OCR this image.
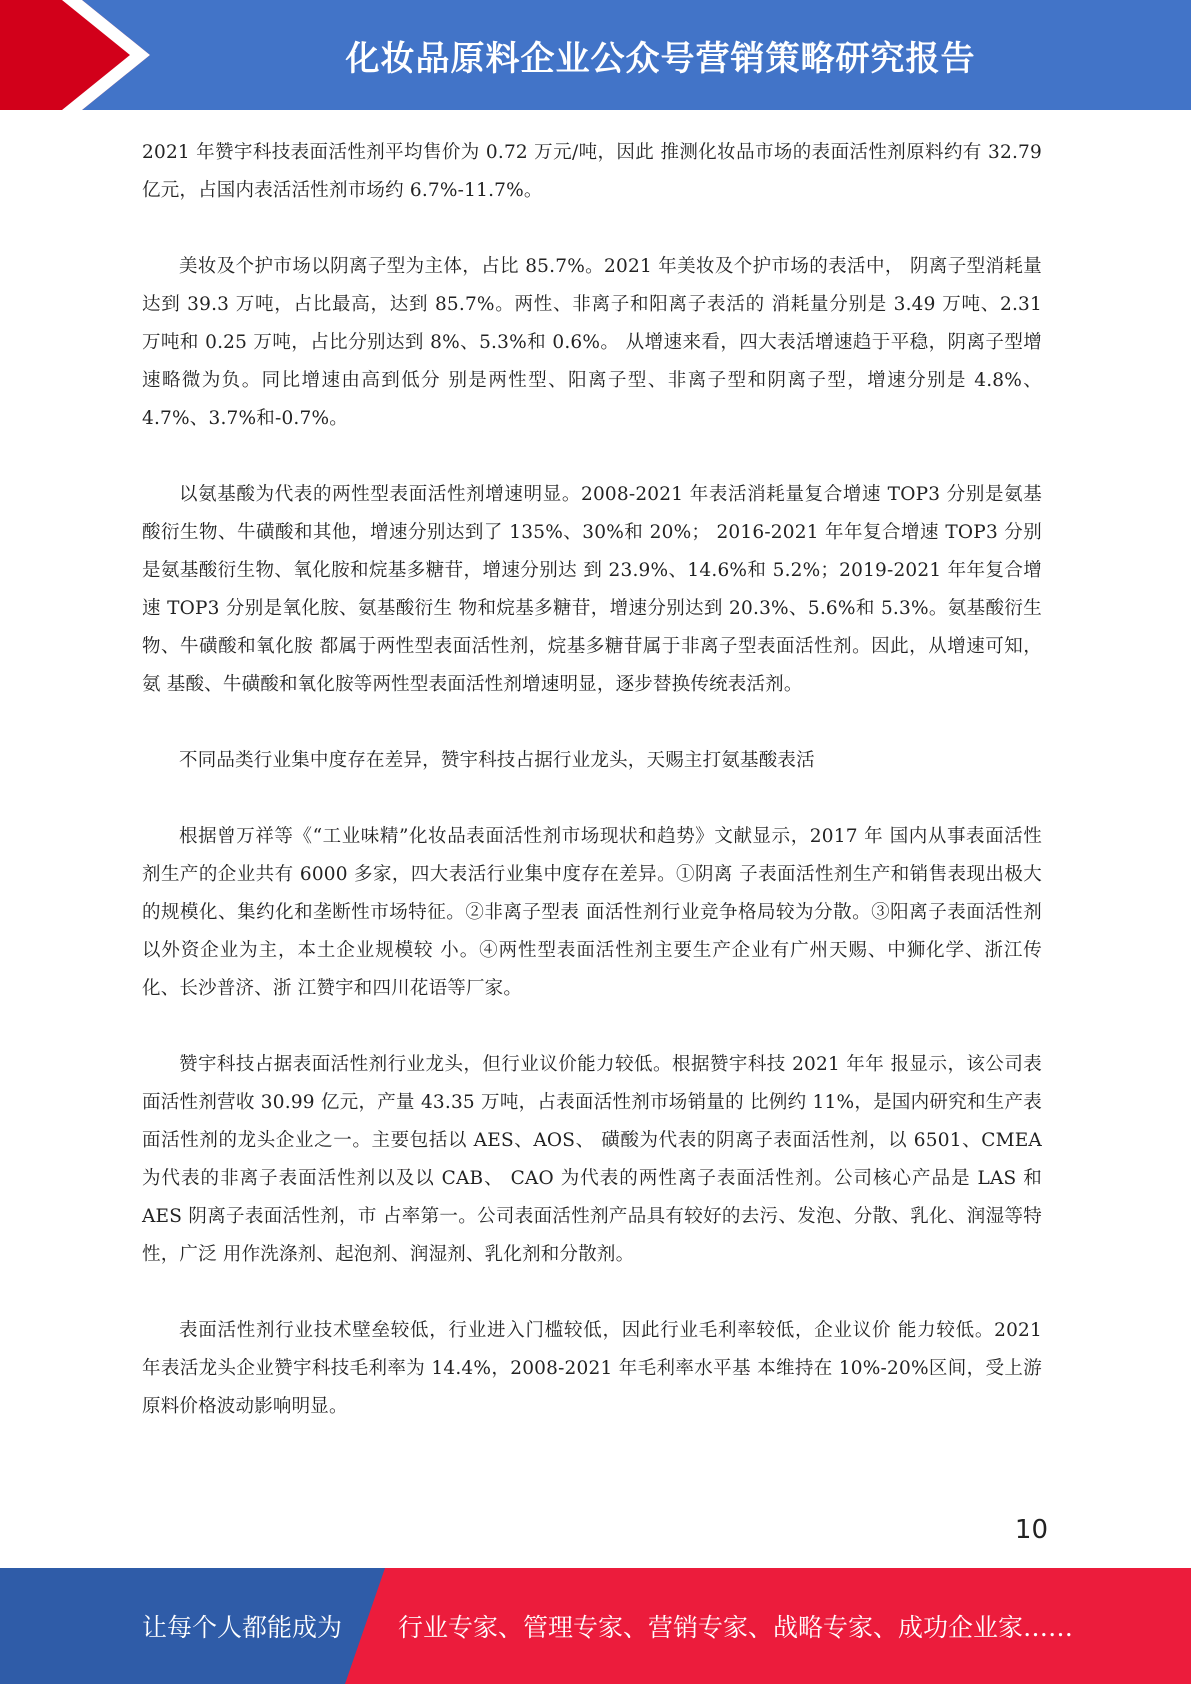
化妆品原料企业公众号营销策略研究报告

2021 年赞宇科技表面活性剂平均售价为 0.72 万元/吨，因此 推测化妆品市场的表面活性剂原料约有 32.79 亿元，占国内表活活性剂市场约 6.7%-11.7%。

美妆及个护市场以阴离子型为主体，占比 85.7%。2021 年美妆及个护市场的表活中， 阴离子型消耗量达到 39.3 万吨，占比最高，达到 85.7%。两性、非离子和阳离子表活的 消耗量分别是 3.49 万吨、2.31 万吨和 0.25 万吨，占比分别达到 8%、5.3%和 0.6%。 从增速来看，四大表活增速趋于平稳，阴离子型增速略微为负。同比增速由高到低分 别是两性型、阳离子型、非离子型和阴离子型，增速分别是 4.8%、4.7%、3.7%和-0.7%。

以氨基酸为代表的两性型表面活性剂增速明显。2008-2021 年表活消耗量复合增速 TOP3 分别是氨基酸衍生物、牛磺酸和其他，增速分别达到了 135%、30%和 20%； 2016-2021 年年复合增速 TOP3 分别是氨基酸衍生物、氧化胺和烷基多糖苷，增速分别达 到 23.9%、14.6%和 5.2%；2019-2021 年年复合增速 TOP3 分别是氧化胺、氨基酸衍生 物和烷基多糖苷，增速分别达到 20.3%、5.6%和 5.3%。氨基酸衍生物、牛磺酸和氧化胺 都属于两性型表面活性剂，烷基多糖苷属于非离子型表面活性剂。因此，从增速可知，氨 基酸、牛磺酸和氧化胺等两性型表面活性剂增速明显，逐步替换传统表活剂。

不同品类行业集中度存在差异，赞宇科技占据行业龙头，天赐主打氨基酸表活

根据曾万祥等《“工业味精”化妆品表面活性剂市场现状和趋势》文献显示，2017 年 国内从事表面活性剂生产的企业共有 6000 多家，四大表活行业集中度存在差异。①阴离 子表面活性剂生产和销售表现出极大的规模化、集约化和垄断性市场特征。②非离子型表 面活性剂行业竞争格局较为分散。③阳离子表面活性剂以外资企业为主，本土企业规模较 小。④两性型表面活性剂主要生产企业有广州天赐、中狮化学、浙江传化、长沙普济、浙 江赞宇和四川花语等厂家。

赞宇科技占据表面活性剂行业龙头，但行业议价能力较低。根据赞宇科技 2021 年年 报显示，该公司表面活性剂营收 30.99 亿元，产量 43.35 万吨，占表面活性剂市场销量的 比例约 11%，是国内研究和生产表面活性剂的龙头企业之一。主要包括以 AES、AOS、 磺酸为代表的阴离子表面活性剂，以 6501、CMEA 为代表的非离子表面活性剂以及以 CAB、 CAO 为代表的两性离子表面活性剂。公司核心产品是 LAS 和 AES 阴离子表面活性剂，市 占率第一。公司表面活性剂产品具有较好的去污、发泡、分散、乳化、润湿等特性，广泛 用作洗涤剂、起泡剂、润湿剂、乳化剂和分散剂。

表面活性剂行业技术壁垒较低，行业进入门槛较低，因此行业毛利率较低，企业议价 能力较低。2021 年表活龙头企业赞宇科技毛利率为 14.4%，2008-2021 年毛利率水平基 本维持在 10%-20%区间，受上游原料价格波动影响明显。

10
让每个人都能成为 行业专家、管理专家、营销专家、战略专家、成功企业家……
